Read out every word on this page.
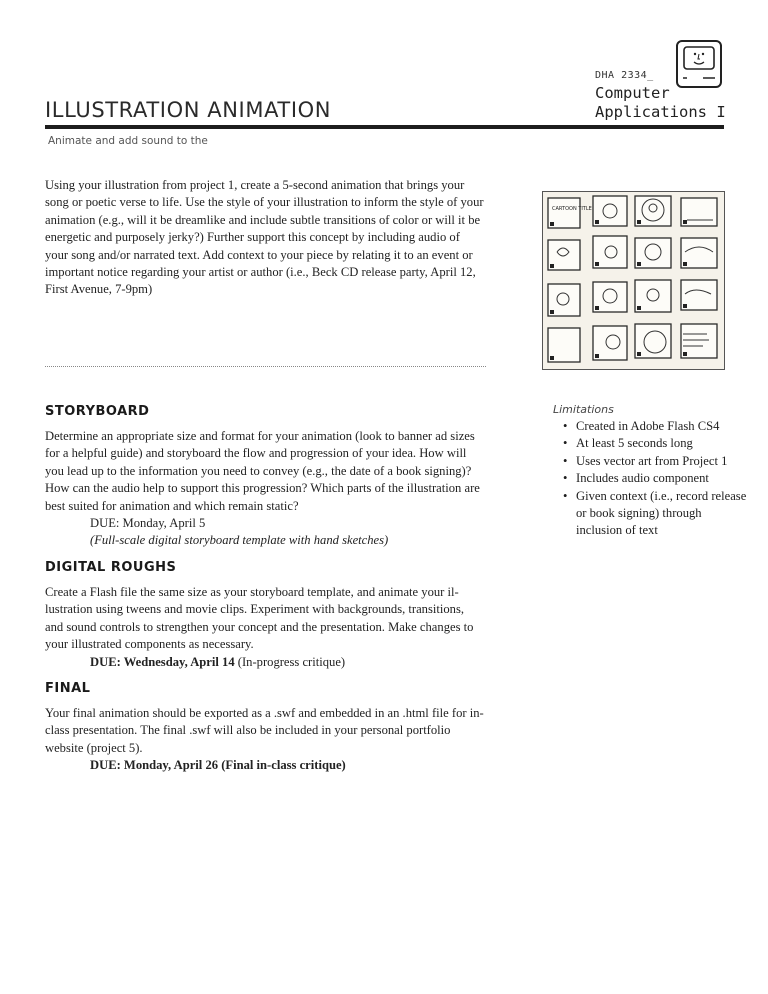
DHA 2334_
Computer
Applications I
ILLUSTRATION ANIMATION
Animate and add sound to the

Using your illustration from project 1, create a 5-second animation that brings your song or poetic verse to life. Use the style of your illustration to inform the style of your animation (e.g., will it be dreamlike and include subtle transitions of color or will it be energetic and purposely jerky?) Further support this concept by including audio of your song and/or narrated text. Add context to your piece by relating it to an event or important notice regarding your artist or author (i.e., Beck CD release party, April 12, First Avenue, 7-9pm)

CARTOON TITLE
STORYBOARD
Determine an appropriate size and format for your animation (look to banner ad sizes for a helpful guide) and storyboard the flow and progression of your idea. How will you lead up to the information you need to convey (e.g., the date of a book signing)? How can the audio help to support this progression? Which parts of the illustration are best suited for animation and which remain static?
DUE: Monday, April 5
(Full-scale digital storyboard template with hand sketches)
DIGITAL ROUGHS
Create a Flash file the same size as your storyboard template, and animate your il-lustration using tweens and movie clips. Experiment with backgrounds, transitions, and sound controls to strengthen your concept and the presentation. Make changes to your illustrated components as necessary.
DUE: Wednesday, April 14 (In-progress critique)
FINAL
Your final animation should be exported as a .swf and embedded in an .html file for in-class presentation. The final .swf will also be included in your personal portfolio website (project 5).
DUE: Monday, April 26 (Final in-class critique)
Limitations
• Created in Adobe Flash CS4
• At least 5 seconds long
• Uses vector art from Project 1
• Includes audio component
• Given context (i.e., record release or book signing) through inclusion of text
